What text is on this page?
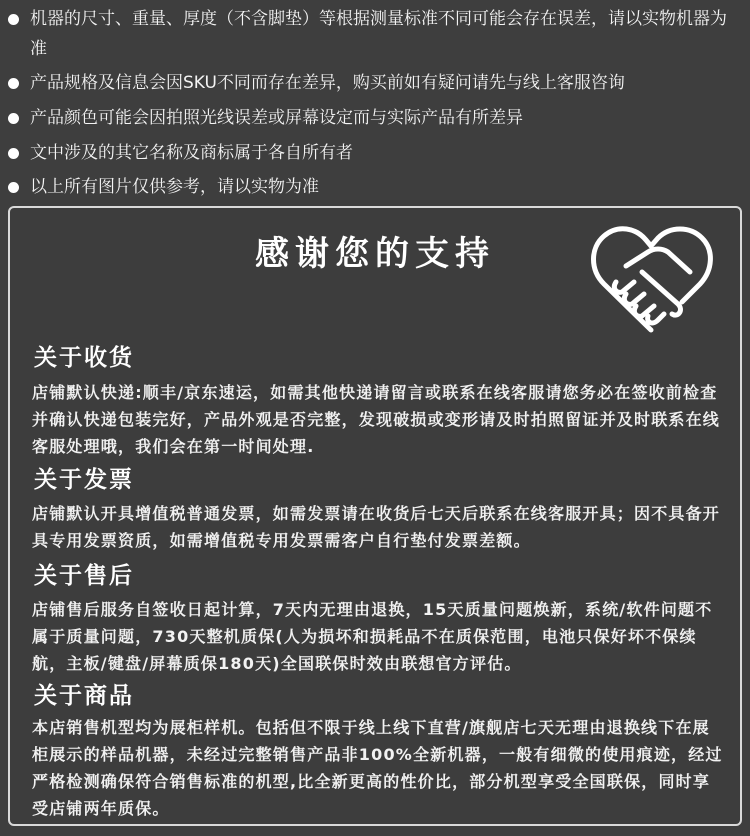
机器的尺寸、重量、厚度（不含脚垫）等根据测量标准不同可能会存在误差，请以实物机器为准
产品规格及信息会因SKU不同而存在差异，购买前如有疑问请先与线上客服咨询
产品颜色可能会因拍照光线误差或屏幕设定而与实际产品有所差异
文中涉及的其它名称及商标属于各自所有者
以上所有图片仅供参考，请以实物为准
感谢您的支持
关于收货
店铺默认快递:顺丰/京东速运，如需其他快递请留言或联系在线客服请您务必在签收前检查并确认快递包装完好，产品外观是否完整，发现破损或变形请及时拍照留证并及时联系在线客服处理哦，我们会在第一时间处理.
关于发票
店铺默认开具增值税普通发票，如需发票请在收货后七天后联系在线客服开具；因不具备开具专用发票资质，如需增值税专用发票需客户自行垫付发票差额。
关于售后
店铺售后服务自签收日起计算，7天内无理由退换，15天质量问题焕新，系统/软件问题不属于质量问题，730天整机质保(人为损坏和损耗品不在质保范围，电池只保好坏不保续航，主板/键盘/屏幕质保180天)全国联保时效由联想官方评估。
关于商品
本店销售机型均为展柜样机。包括但不限于线上线下直营/旗舰店七天无理由退换线下在展柜展示的样品机器，未经过完整销售产品非100%全新机器，一般有细微的使用痕迹，经过严格检测确保符合销售标准的机型,比全新更高的性价比，部分机型享受全国联保，同时享受店铺两年质保。
